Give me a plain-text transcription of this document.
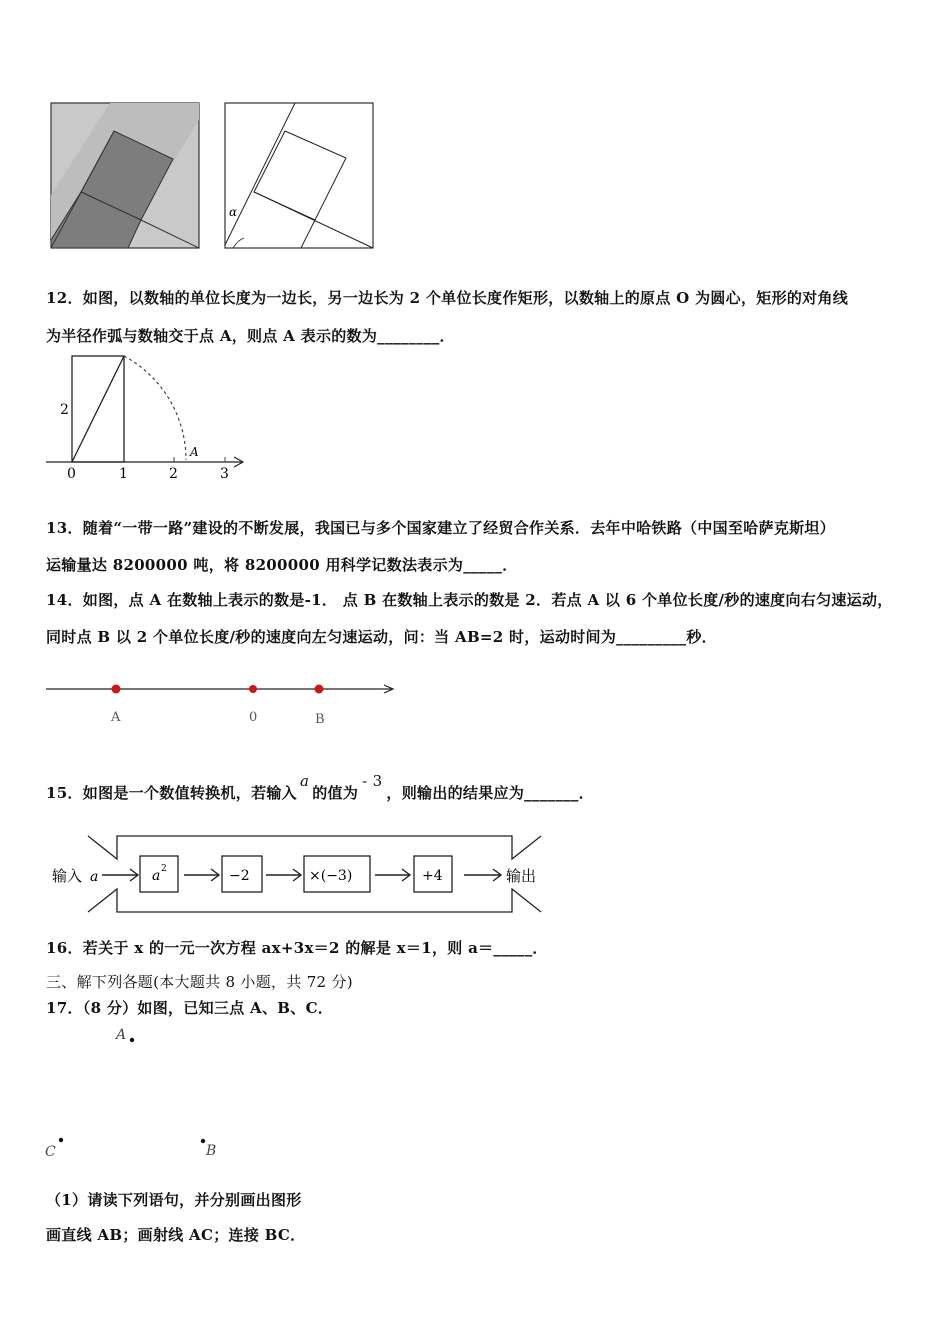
α
12．如图，以数轴的单位长度为一边长，另一边长为 2 个单位长度作矩形，以数轴上的原点 O 为圆心，矩形的对角线
为半径作弧与数轴交于点 A，则点 A 表示的数为________．
2
A
0	1	2	3
13．随着“一带一路”建设的不断发展，我国已与多个国家建立了经贸合作关系．去年中哈铁路（中国至哈萨克斯坦）
运输量达 8200000 吨，将 8200000 用科学记数法表示为_____．
14．如图，点 A 在数轴上表示的数是-1． 点 B 在数轴上表示的数是 2．若点 A 以 6 个单位长度/秒的速度向右匀速运动，
同时点 B 以 2 个单位长度/秒的速度向左匀速运动，问：当 AB=2 时，运动时间为_________秒．
A	0	B
15．如图是一个数值转换机，若输入a的值为- 3，则输出的结果应为_______．
输入 a	a 2	−2	×(−3)	+4	输出
16．若关于 x 的一元一次方程 ax+3x＝2 的解是 x＝1，则 a＝_____．
三、解下列各题(本大题共 8 小题，共 72 分)
17．（8 分）如图，已知三点 A、B、C．
A
C	B
（1）请读下列语句，并分别画出图形
画直线 AB；画射线 AC；连接 BC．
